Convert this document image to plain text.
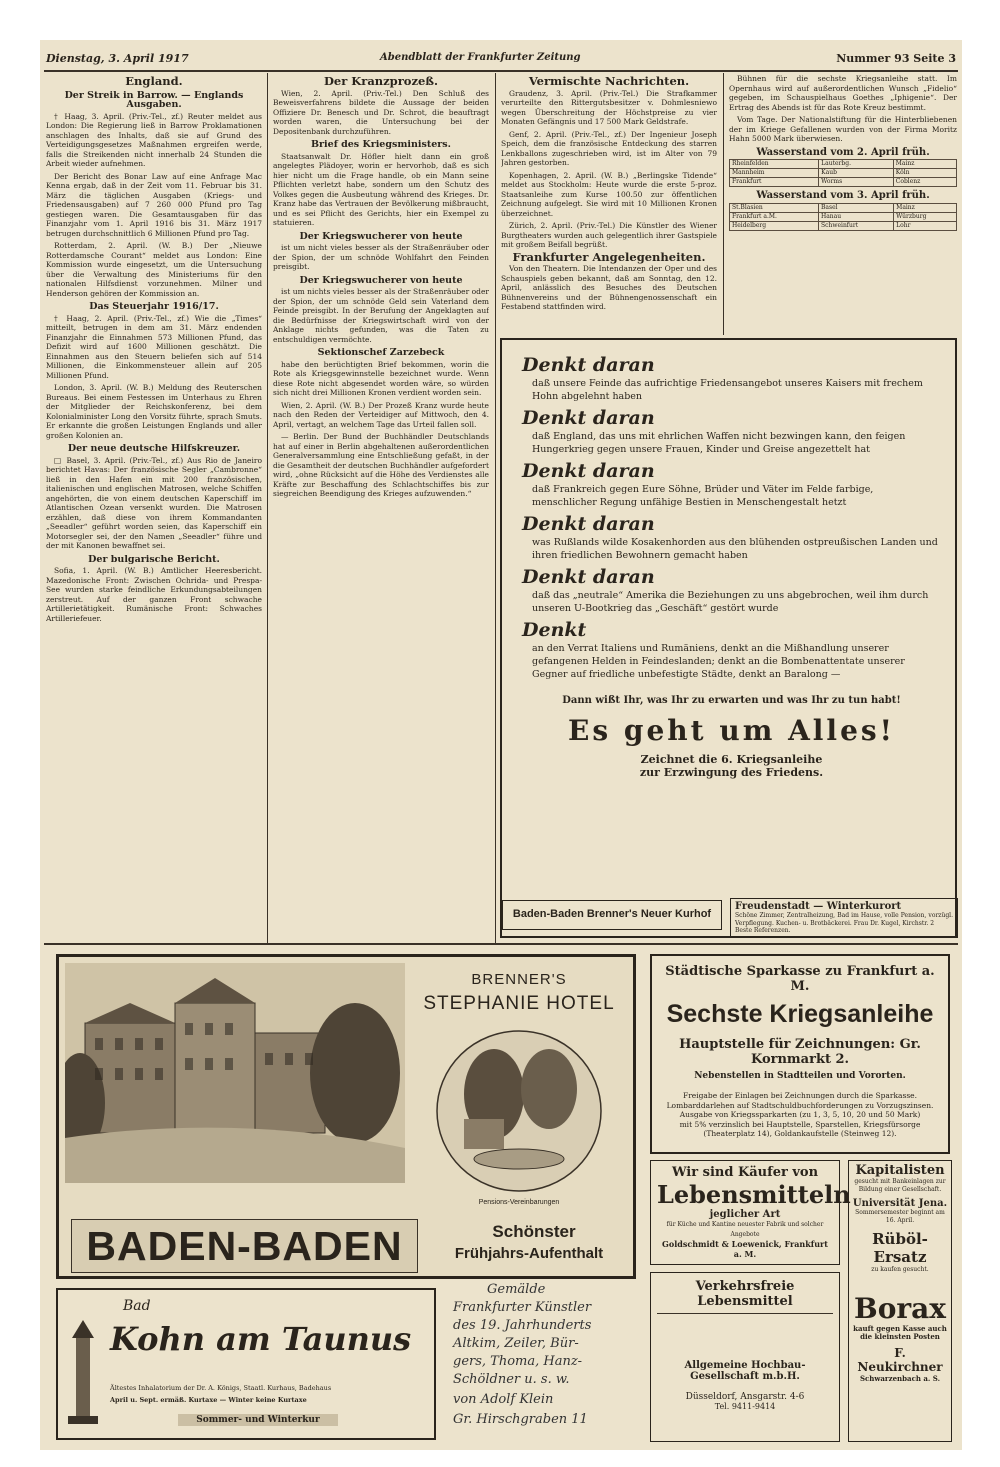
Dienstag, 3. April 1917	Abendblatt der Frankfurter Zeitung	Nummer 93 Seite 3
England.
Der Streik in Barrow. — Englands Ausgaben.

† Haag, 3. April. (Priv.-Tel., zf.) Reuter meldet aus London: Die Regierung ließ in Barrow Proklamationen anschlagen des Inhalts, daß sie auf Grund des Verteidigungsgesetzes Maßnahmen ergreifen werde, falls die Streikenden nicht innerhalb 24 Stunden die Arbeit wieder aufnehmen.

Der Bericht des Bonar Law auf eine Anfrage Mac Kenna ergab, daß in der Zeit vom 11. Februar bis 31. März die täglichen Ausgaben (Kriegs- und Friedensausgaben) auf 7 260 000 Pfund pro Tag gestiegen waren. Die Gesamtausgaben für das Finanzjahr vom 1. April 1916 bis 31. März 1917 betrugen durchschnittlich 6 Millionen Pfund pro Tag.

Rotterdam, 2. April. (W. B.) Der „Nieuwe Rotterdamsche Courant“ meldet aus London: Eine Kommission wurde eingesetzt, um die Untersuchung über die Verwaltung des Ministeriums für den nationalen Hilfsdienst vorzunehmen. Milner und Henderson gehören der Kommission an.

Das Steuerjahr 1916/17.

† Haag, 2. April. (Priv.-Tel., zf.) Wie die „Times“ mitteilt, betrugen in dem am 31. März endenden Finanzjahr die Einnahmen 573 Millionen Pfund, das Defizit wird auf 1600 Millionen geschätzt. Die Einnahmen aus den Steuern beliefen sich auf 514 Millionen, die Einkommensteuer allein auf 205 Millionen Pfund.

London, 3. April. (W. B.) Meldung des Reuterschen Bureaus. Bei einem Festessen im Unterhaus zu Ehren der Mitglieder der Reichskonferenz, bei dem Kolonialminister Long den Vorsitz führte, sprach Smuts. Er erkannte die großen Leistungen Englands und aller großen Kolonien an.

Der neue deutsche Hilfskreuzer.

□ Basel, 3. April. (Priv.-Tel., zf.) Aus Rio de Janeiro berichtet Havas: Der französische Segler „Cambronne“ ließ in den Hafen ein mit 200 französischen, italienischen und englischen Matrosen, welche Schiffen angehörten, die von einem deutschen Kaperschiff im Atlantischen Ozean versenkt wurden. Die Matrosen erzählen, daß diese von ihrem Kommandanten „Seeadler“ geführt worden seien, das Kaperschiff ein Motorsegler sei, der den Namen „Seeadler“ führe und der mit Kanonen bewaffnet sei.

Der bulgarische Bericht.

Sofia, 1. April. (W. B.) Amtlicher Heeresbericht. Mazedonische Front: Zwischen Ochrida- und Prespa-See wurden starke feindliche Erkundungsabteilungen zerstreut. Auf der ganzen Front schwache Artillerietätigkeit. Rumänische Front: Schwaches Artilleriefeuer.

Der Kranzprozeß.

Wien, 2. April. (Priv.-Tel.) Den Schluß des Beweisverfahrens bildete die Aussage der beiden Offiziere Dr. Benesch und Dr. Schrot, die beauftragt worden waren, die Untersuchung bei der Depositenbank durchzuführen.

Brief des Kriegsministers.

Staatsanwalt Dr. Höfler hielt dann ein groß angelegtes Plädoyer, worin er hervorhob, daß es sich hier nicht um die Frage handle, ob ein Mann seine Pflichten verletzt habe, sondern um den Schutz des Volkes gegen die Ausbeutung während des Krieges. Dr. Kranz habe das Vertrauen der Bevölkerung mißbraucht, und es sei Pflicht des Gerichts, hier ein Exempel zu statuieren.

Der Kriegswucherer von heute

ist um nicht vieles besser als der Straßenräuber oder der Spion, der um schnöde Wohlfahrt den Feinden preisgibt.

Der Kriegswucherer von heute

ist um nichts vieles besser als der Straßenräuber oder der Spion, der um schnöde Geld sein Vaterland dem Feinde preisgibt. In der Berufung der Angeklagten auf die Bedürfnisse der Kriegswirtschaft wird von der Anklage nichts gefunden, was die Taten zu entschuldigen vermöchte.

Sektionschef Zarzebeck

habe den berüchtigten Brief bekommen, worin die Rote als Kriegsgewinnstelle bezeichnet wurde. Wenn diese Rote nicht abgesendet worden wäre, so würden sich nicht drei Millionen Kronen verdient worden sein.

Wien, 2. April. (W. B.) Der Prozeß Kranz wurde heute nach den Reden der Verteidiger auf Mittwoch, den 4. April, vertagt, an welchem Tage das Urteil fallen soll.

— Berlin. Der Bund der Buchhändler Deutschlands hat auf einer in Berlin abgehaltenen außerordentlichen Generalversammlung eine Entschließung gefaßt, in der die Gesamtheit der deutschen Buchhändler aufgefordert wird, „ohne Rücksicht auf die Höhe des Verdienstes alle Kräfte zur Beschaffung des Schlachtschiffes bis zur siegreichen Beendigung des Krieges aufzuwenden.“

Vermischte Nachrichten.

Graudenz, 3. April. (Priv.-Tel.) Die Strafkammer verurteilte den Rittergutsbesitzer v. Dohmlesniewo wegen Überschreitung der Höchstpreise zu vier Monaten Gefängnis und 17 500 Mark Geldstrafe.

Genf, 2. April. (Priv.-Tel., zf.) Der Ingenieur Joseph Speich, dem die französische Entdeckung des starren Lenkballons zugeschrieben wird, ist im Alter von 79 Jahren gestorben.

Kopenhagen, 2. April. (W. B.) „Berlingske Tidende“ meldet aus Stockholm: Heute wurde die erste 5-proz. Staatsanleihe zum Kurse 100.50 zur öffentlichen Zeichnung aufgelegt. Sie wird mit 10 Millionen Kronen überzeichnet.

Zürich, 2. April. (Priv.-Tel.) Die Künstler des Wiener Burgtheaters wurden auch gelegentlich ihrer Gastspiele mit großem Beifall begrüßt.

Frankfurter Angelegenheiten.

Von den Theatern. Die Intendanzen der Oper und des Schauspiels geben bekannt, daß am Sonntag, den 12. April, anlässlich des Besuches des Deutschen Bühnenvereins und der Bühnengenossenschaft ein Festabend stattfinden wird.

Bühnen für die sechste Kriegsanleihe statt. Im Opernhaus wird auf außerordentlichen Wunsch „Fidelio“ gegeben, im Schauspielhaus Goethes „Iphigenie“. Der Ertrag des Abends ist für das Rote Kreuz bestimmt.

Vom Tage. Der Nationalstiftung für die Hinterbliebenen der im Kriege Gefallenen wurden von der Firma Moritz Hahn 5000 Mark überwiesen.

Wasserstand vom 2. April früh.
Rheinfelden	Lauterbg.	Mainz
Mannheim	Kaub	Köln
Frankfurt	Worms	Coblenz
Wasserstand vom 3. April früh.
St.Blasien	Basel	Mainz
Frankfurt a.M.	Hanau	Würzburg
Heidelberg	Schweinfurt	Lohr
Denkt daran
daß unsere Feinde das aufrichtige Friedensangebot unseres Kaisers mit frechem Hohn abgelehnt haben
Denkt daran
daß England, das uns mit ehrlichen Waffen nicht bezwingen kann, den feigen Hungerkrieg gegen unsere Frauen, Kinder und Greise angezettelt hat
Denkt daran
daß Frankreich gegen Eure Söhne, Brüder und Väter im Felde farbige, menschlicher Regung unfähige Bestien in Menschengestalt hetzt
Denkt daran
was Rußlands wilde Kosakenhorden aus den blühenden ostpreußischen Landen und ihren friedlichen Bewohnern gemacht haben
Denkt daran
daß das „neutrale“ Amerika die Beziehungen zu uns abgebrochen, weil ihm durch unseren U-Bootkrieg das „Geschäft“ gestört wurde
Denkt
an den Verrat Italiens und Rumäniens, denkt an die Mißhandlung unserer gefangenen Helden in Feindeslanden; denkt an die Bombenattentate unserer Gegner auf friedliche unbefestigte Städte, denkt an Baralong —
Dann wißt Ihr, was Ihr zu erwarten und was Ihr zu tun habt!
Es geht um Alles!
Zeichnet die 6. Kriegsanleihe
zur Erzwingung des Friedens.
Baden-Baden Brenner's Neuer Kurhof
Freudenstadt — Winterkurort
Schöne Zimmer, Zentralheizung, Bad im Hause, volle Pension, vorzügl. Verpflegung. Kuchen- u. Brotbäckerei. Frau Dr. Kugel, Kirchstr. 2
Beste Referenzen.
BRENNER'S
STEPHANIE HOTEL
Pensions-Vereinbarungen
BADEN-BADEN	Schönster
Frühjahrs-Aufenthalt
Städtische Sparkasse zu Frankfurt a. M.
Sechste Kriegsanleihe
Hauptstelle für Zeichnungen: Gr. Kornmarkt 2.
Nebenstellen in Stadtteilen und Vororten.
Freigabe der Einlagen bei Zeichnungen durch die Sparkasse.
Lombarddarlehen auf Stadtschuldbuchforderungen zu Vorzugszinsen.
Ausgabe von Kriegssparkarten (zu 1, 3, 5, 10, 20 und 50 Mark)
mit 5% verzinslich bei Hauptstelle, Sparstellen, Kriegsfürsorge (Theaterplatz 14), Goldankaufstelle (Steinweg 12).
Wir sind Käufer von
Lebensmitteln
jeglicher Art
für Küche und Kantine neuester Fabrik und solcher Angebote
Goldschmidt & Loewenick, Frankfurt a. M.
Kapitalisten
gesucht mit Bankeinlagen zur Bildung einer Gesellschaft.
Universität Jena.
Sommersemester beginnt am 16. April.
Rüböl-Ersatz
zu kaufen gesucht.
Borax
kauft gegen Kasse auch die kleinsten Posten
F. Neukirchner
Schwarzenbach a. S.
Bad
Kohn am Taunus
Ältestes Inhalatorium der Dr. A. Königs, Staatl. Kurhaus, Badehaus
April u. Sept. ermäß. Kurtaxe — Winter keine Kurtaxe
Sommer- und Winterkur
Gemälde
Frankfurter Künstler
des 19. Jahrhunderts
Altkim, Zeiler, Bür-
gers, Thoma, Hanz-
Schöldner u. s. w.
von Adolf Klein
Gr. Hirschgraben 11
Verkehrsfreie Lebensmittel
Allgemeine Hochbau-Gesellschaft m.b.H.
Düsseldorf, Ansgarstr. 4-6
Tel. 9411-9414
